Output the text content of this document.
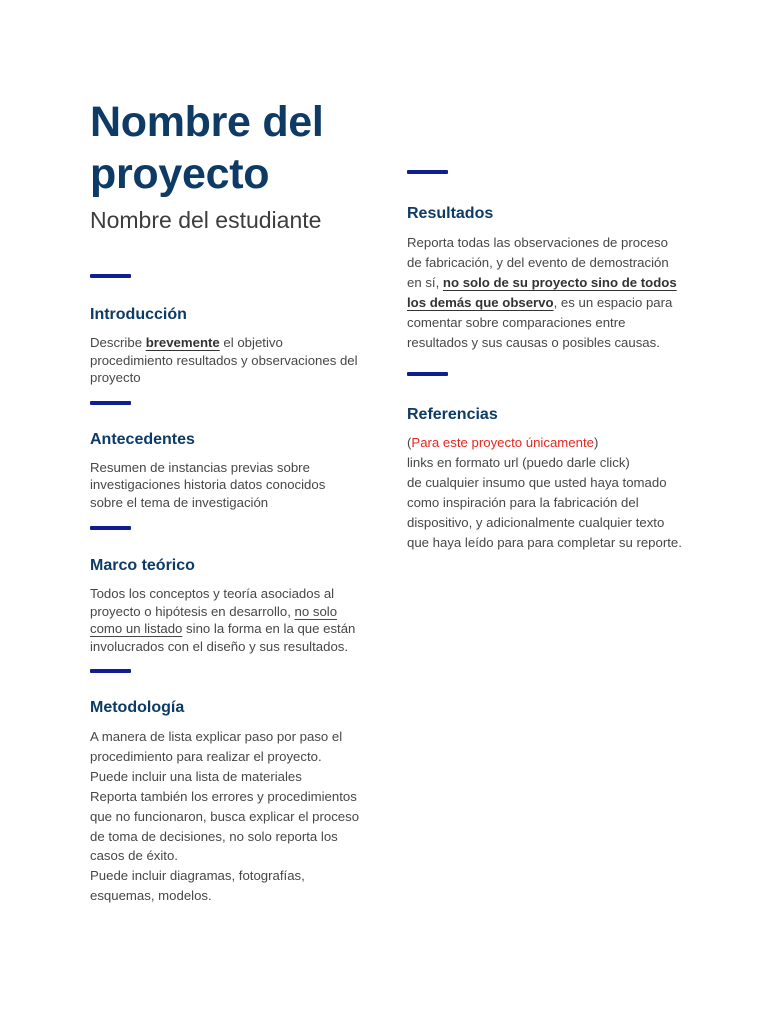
Nombre del
proyecto

Nombre del estudiante

Introducción

Describe brevemente el objetivo procedimiento resultados y observaciones del proyecto

Antecedentes

Resumen de instancias previas sobre investigaciones historia datos conocidos sobre el tema de investigación

Marco teórico

Todos los conceptos y teoría asociados al proyecto o hipótesis en desarrollo, no solo como un listado sino la forma en la que están involucrados con el diseño y sus resultados.

Metodología
A manera de lista explicar paso por paso el procedimiento para realizar el proyecto.
Puede incluir una lista de materiales
Reporta también los errores y procedimientos que no funcionaron, busca explicar el proceso de toma de decisiones, no solo reporta los casos de éxito.
Puede incluir diagramas, fotografías, esquemas, modelos.
Resultados

Reporta todas las observaciones de proceso de fabricación, y del evento de demostración en sí, no solo de su proyecto sino de todos los demás que observo, es un espacio para comentar sobre comparaciones entre resultados y sus causas o posibles causas.

Referencias
(Para este proyecto únicamente)
links en formato url (puedo darle click)
de cualquier insumo que usted haya tomado como inspiración para la fabricación del dispositivo, y adicionalmente cualquier texto que haya leído para para completar su reporte.
